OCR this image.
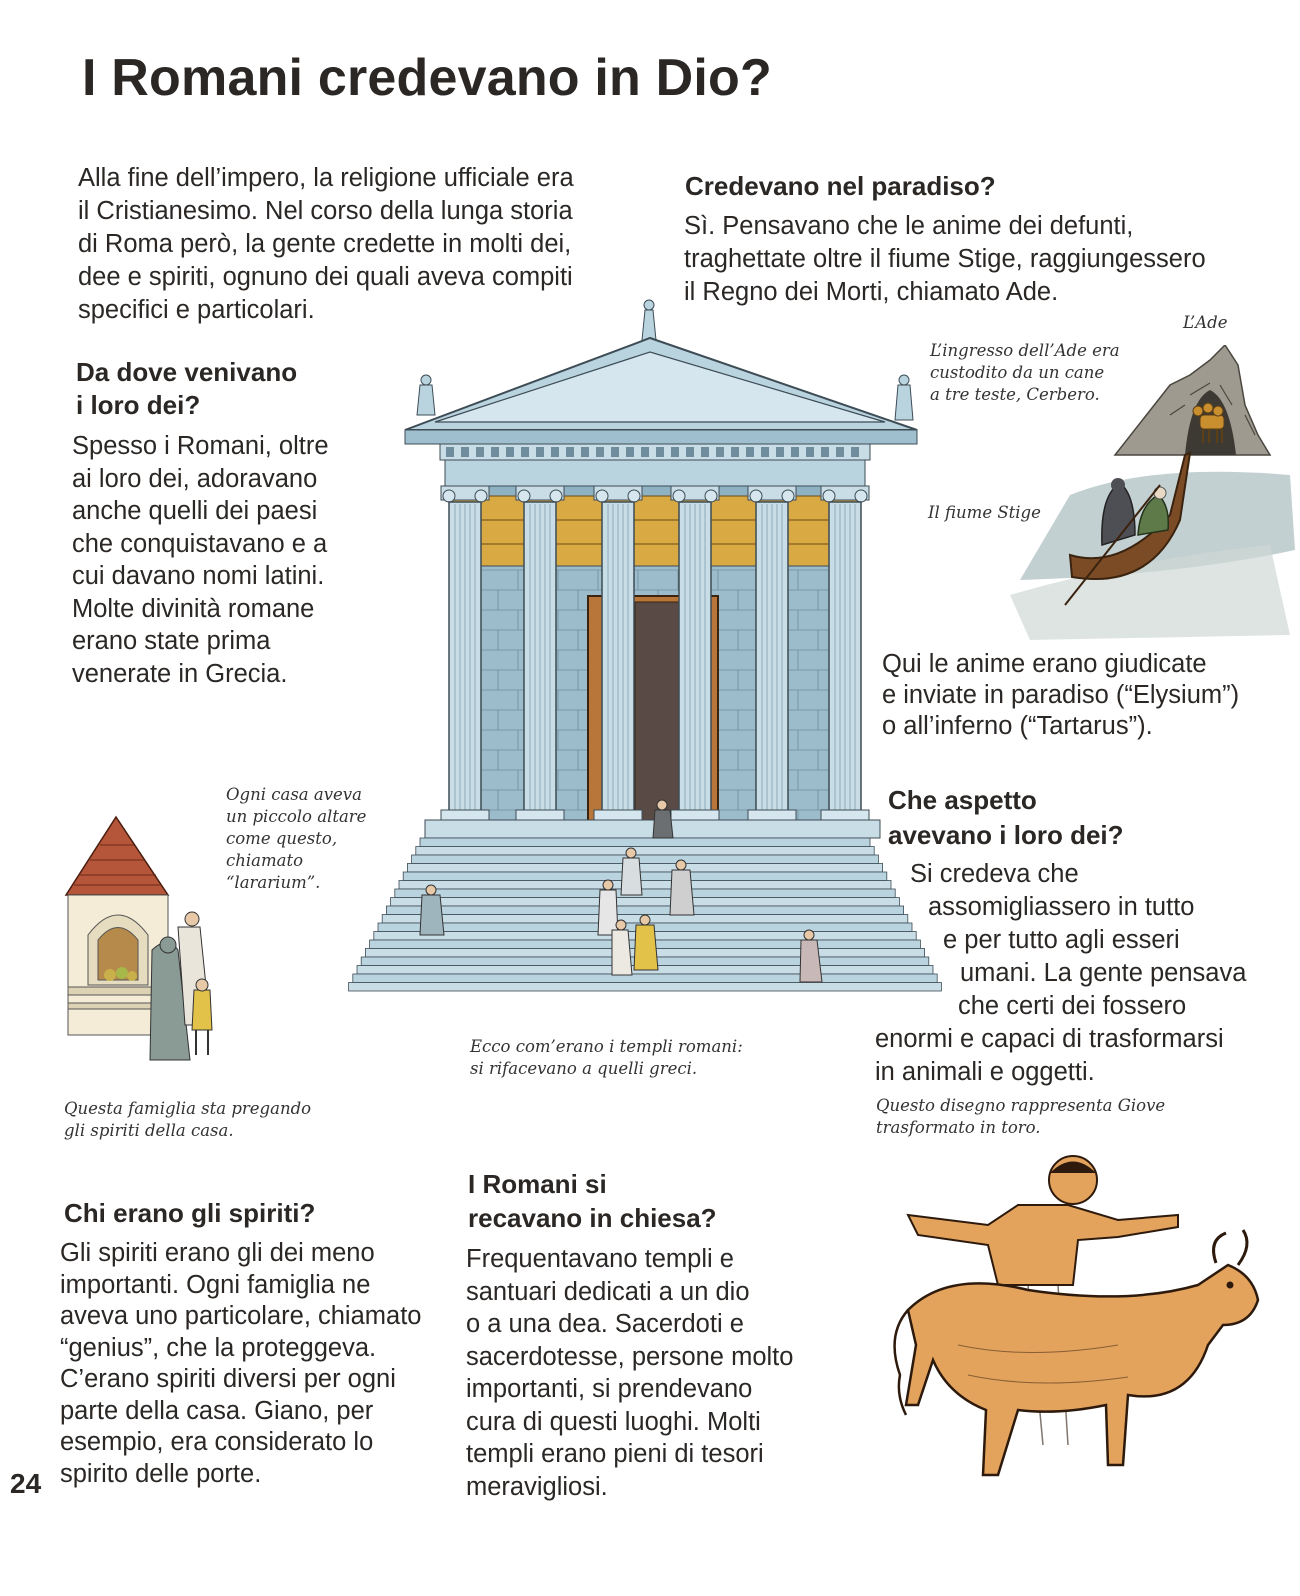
I Romani credevano in Dio?
Alla fine dell’impero, la religione ufficiale era
il Cristianesimo. Nel corso della lunga storia
di Roma però, la gente credette in molti dei,
dee e spiriti, ognuno dei quali aveva compiti
specifici e particolari.
Da dove venivano
i loro dei?
Spesso i Romani, oltre
ai loro dei, adoravano
anche quelli dei paesi
che conquistavano e a
cui davano nomi latini.
Molte divinità romane
erano state prima
venerate in Grecia.
Credevano nel paradiso?
Sì. Pensavano che le anime dei defunti,
traghettate oltre il fiume Stige, raggiungessero
il Regno dei Morti, chiamato Ade.
L’Ade
L’ingresso dell’Ade era
custodito da un cane
a tre teste, Cerbero.
Il fiume Stige
Qui le anime erano giudicate
e inviate in paradiso (“Elysium”)
o all’inferno (“Tartarus”).
Che aspetto
avevano i loro dei?
Si credeva che
assomigliassero in tutto
e per tutto agli esseri
umani. La gente pensava
che certi dei fossero
enormi e capaci di trasformarsi
in animali e oggetti.
Ecco com’erano i templi romani:
si rifacevano a quelli greci.
Ogni casa aveva
un piccolo altare
come questo,
chiamato
“lararium”.
Questa famiglia sta pregando
gli spiriti della casa.
Questo disegno rappresenta Giove
trasformato in toro.
Chi erano gli spiriti?
Gli spiriti erano gli dei meno
importanti. Ogni famiglia ne
aveva uno particolare, chiamato
“genius”, che la proteggeva.
C’erano spiriti diversi per ogni
parte della casa. Giano, per
esempio, era considerato lo
spirito delle porte.
I Romani si
recavano in chiesa?
Frequentavano templi e
santuari dedicati a un dio
o a una dea. Sacerdoti e
sacerdotesse, persone molto
importanti, si prendevano
cura di questi luoghi. Molti
templi erano pieni di tesori
meravigliosi.
24
